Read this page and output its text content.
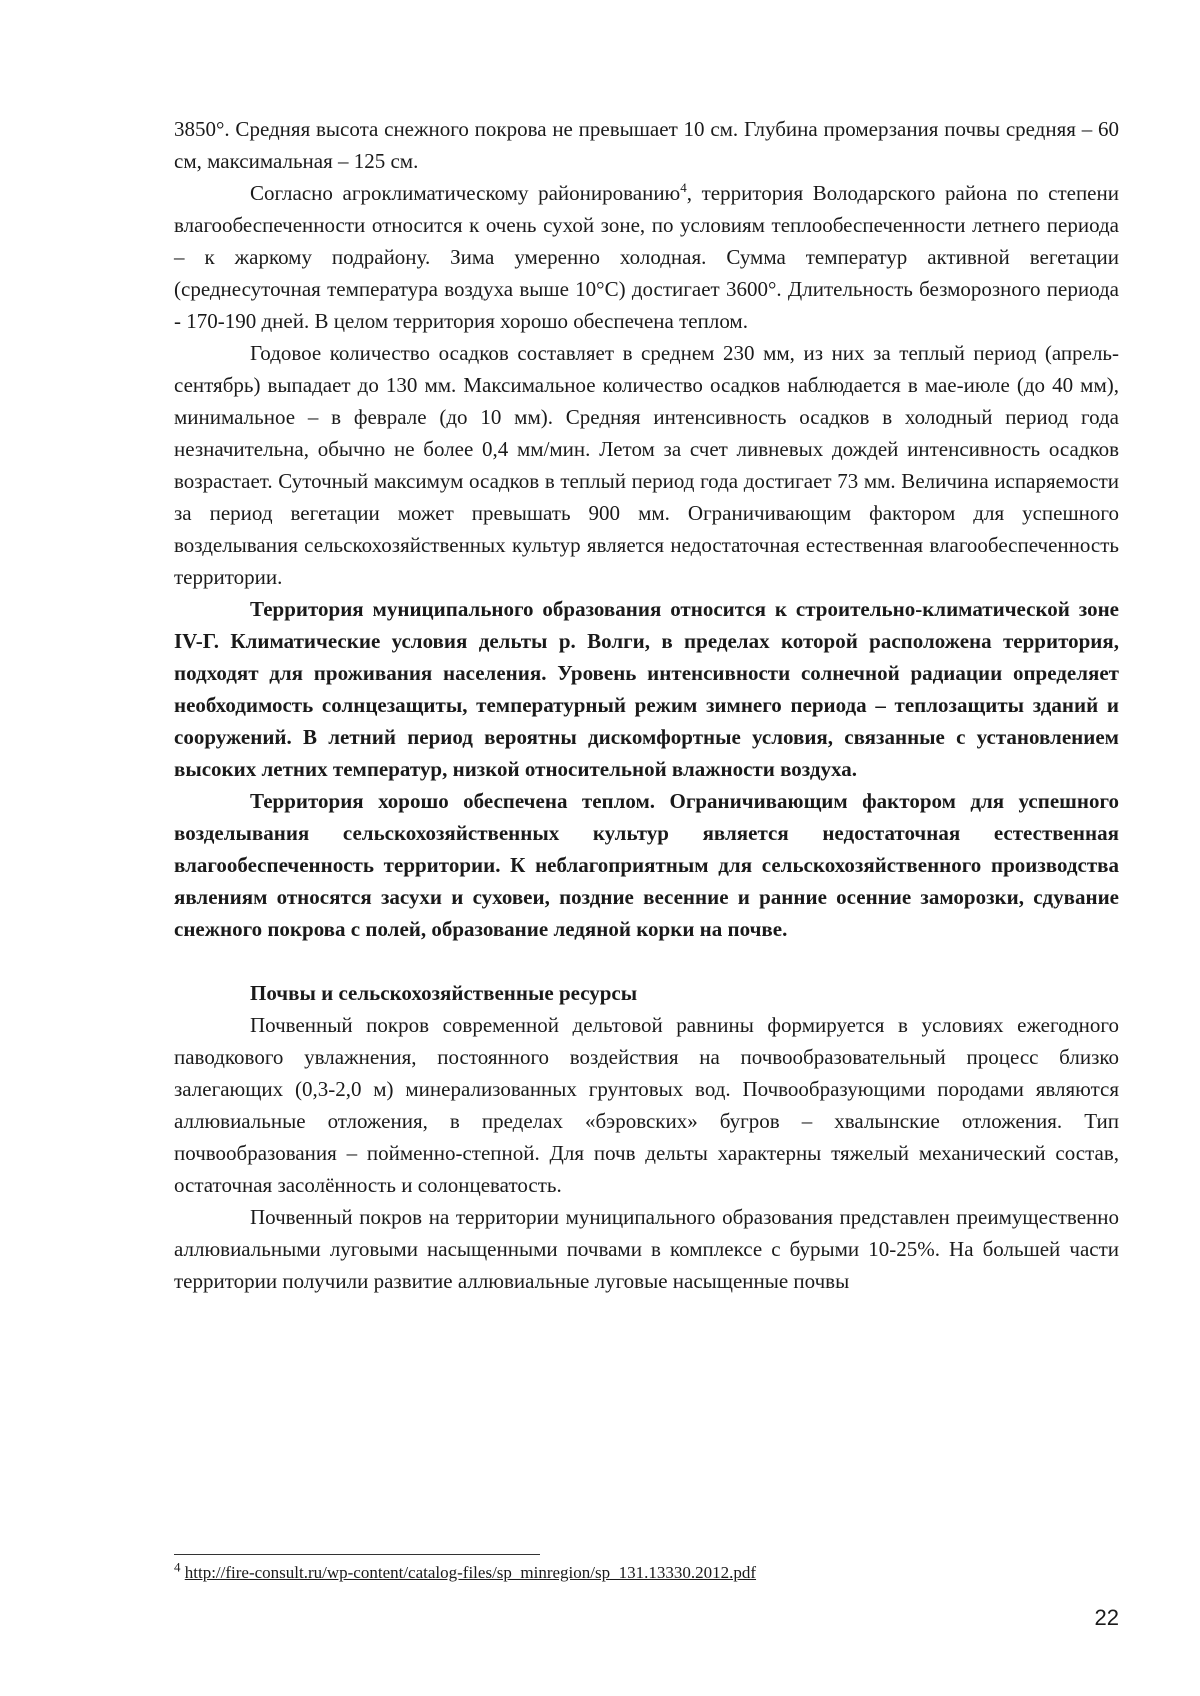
3850°. Средняя высота снежного покрова не превышает 10 см. Глубина промерзания почвы средняя – 60 см, максимальная – 125 см.

Согласно агроклиматическому районированию$^4$, территория Володарского района по степени влагообеспеченности относится к очень сухой зоне, по условиям теплообеспеченности летнего периода – к жаркому подрайону. Зима умеренно холодная. Сумма температур активной вегетации (среднесуточная температура воздуха выше 10°С) достигает 3600°. Длительность безморозного периода - 170-190 дней. В целом территория хорошо обеспечена теплом.

Годовое количество осадков составляет в среднем 230 мм, из них за теплый период (апрель-сентябрь) выпадает до 130 мм. Максимальное количество осадков наблюдается в мае-июле (до 40 мм), минимальное – в феврале (до 10 мм). Средняя интенсивность осадков в холодный период года незначительна, обычно не более 0,4 мм/мин. Летом за счет ливневых дождей интенсивность осадков возрастает. Суточный максимум осадков в теплый период года достигает 73 мм. Величина испаряемости за период вегетации может превышать 900 мм. Ограничивающим фактором для успешного возделывания сельскохозяйственных культур является недостаточная естественная влагообеспеченность территории.

Территория муниципального образования относится к строительно-климатической зоне IV-Г. Климатические условия дельты р. Волги, в пределах которой расположена территория, подходят для проживания населения. Уровень интенсивности солнечной радиации определяет необходимость солнцезащиты, температурный режим зимнего периода – теплозащиты зданий и сооружений. В летний период вероятны дискомфортные условия, связанные с установлением высоких летних температур, низкой относительной влажности воздуха.

Территория хорошо обеспечена теплом. Ограничивающим фактором для успешного возделывания сельскохозяйственных культур является недостаточная естественная влагообеспеченность территории. К неблагоприятным для сельскохозяйственного производства явлениям относятся засухи и суховеи, поздние весенние и ранние осенние заморозки, сдувание снежного покрова с полей, образование ледяной корки на почве.

Почвы и сельскохозяйственные ресурсы

Почвенный покров современной дельтовой равнины формируется в условиях ежегодного паводкового увлажнения, постоянного воздействия на почвообразовательный процесс близко залегающих (0,3-2,0 м) минерализованных грунтовых вод. Почвообразующими породами являются аллювиальные отложения, в пределах «бэровских» бугров – хвалынские отложения. Тип почвообразования – пойменно-степной. Для почв дельты характерны тяжелый механический состав, остаточная засолённость и солонцеватость.

Почвенный покров на территории муниципального образования представлен преимущественно аллювиальными луговыми насыщенными почвами в комплексе с бурыми 10-25%. На большей части территории получили развитие аллювиальные луговые насыщенные почвы

$^4$ http://fire-consult.ru/wp-content/catalog-files/sp_minregion/sp_131.13330.2012.pdf
22
